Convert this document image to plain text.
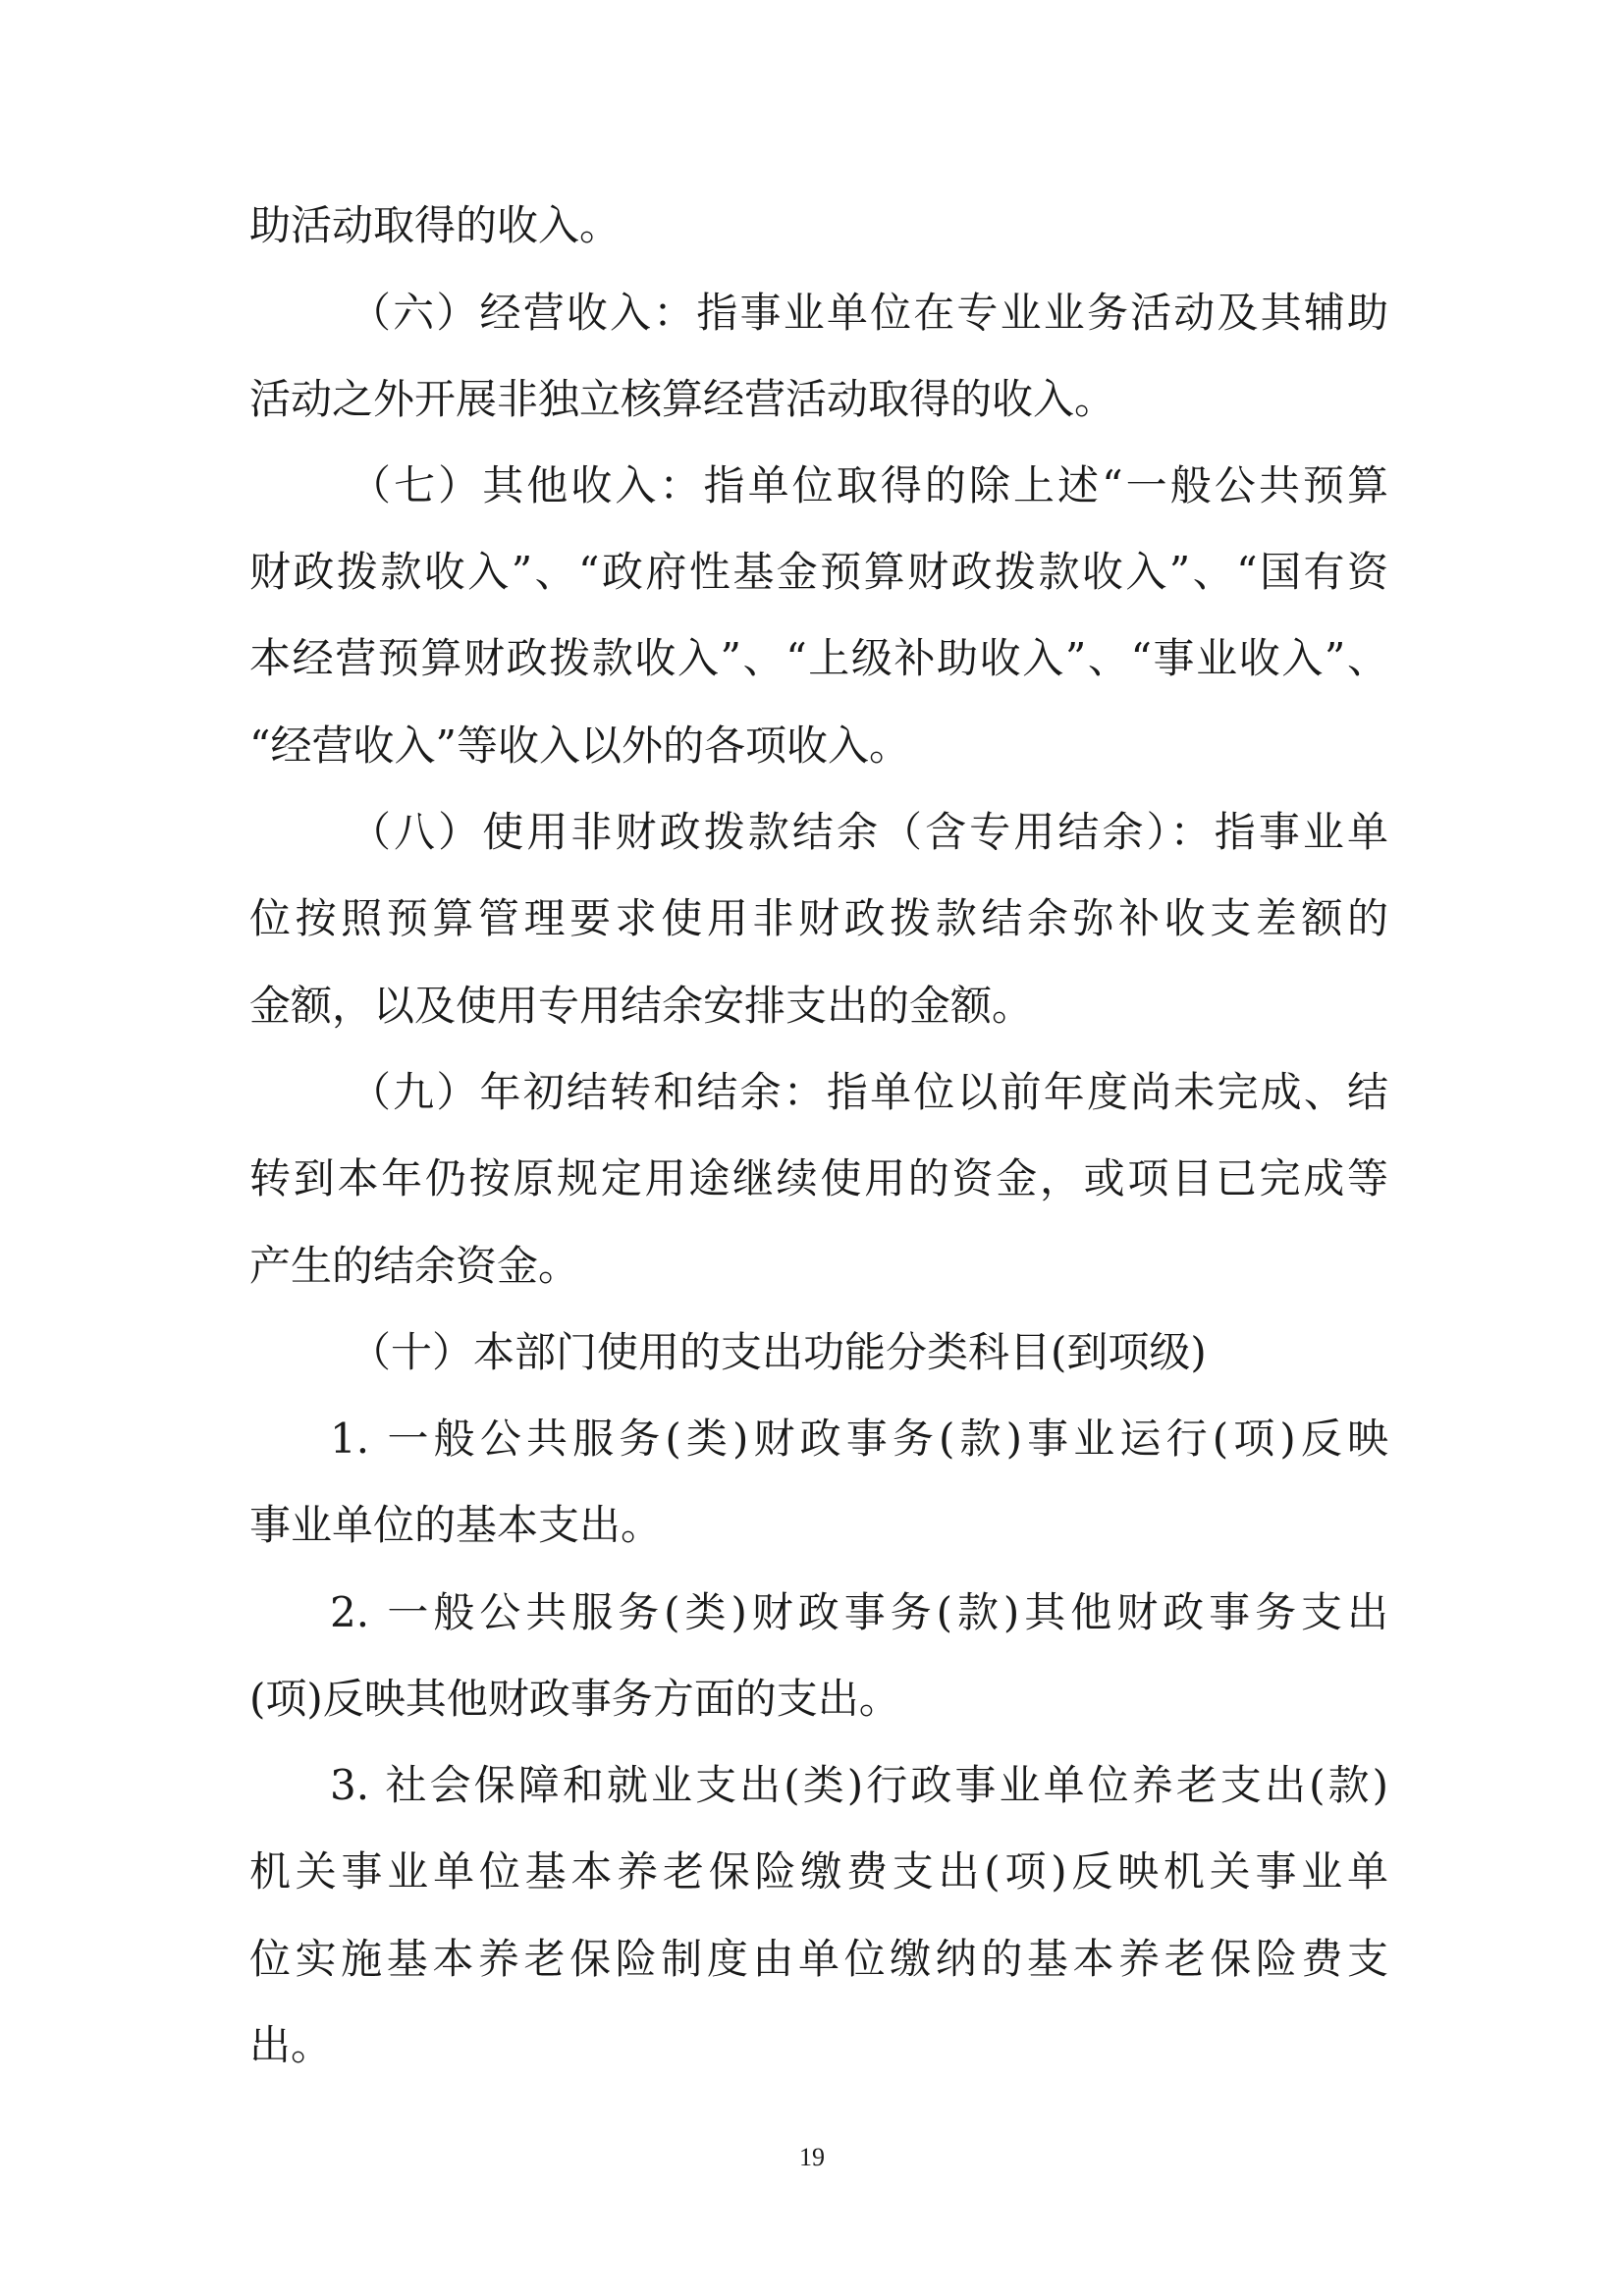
助活动取得的收入。
（六）经营收入：指事业单位在专业业务活动及其辅助
活动之外开展非独立核算经营活动取得的收入。
（七）其他收入：指单位取得的除上述“一般公共预算
财政拨款收入”、“政府性基金预算财政拨款收入”、“国有资
本经营预算财政拨款收入”、“上级补助收入”、“事业收入”、
“经营收入”等收入以外的各项收入。
（八）使用非财政拨款结余（含专用结余）：指事业单
位按照预算管理要求使用非财政拨款结余弥补收支差额的
金额，以及使用专用结余安排支出的金额。
（九）年初结转和结余：指单位以前年度尚未完成、结
转到本年仍按原规定用途继续使用的资金，或项目已完成等
产生的结余资金。
（十）本部门使用的支出功能分类科目(到项级)
1. 一般公共服务(类)财政事务(款)事业运行(项)反映
事业单位的基本支出。
2. 一般公共服务(类)财政事务(款)其他财政事务支出
(项)反映其他财政事务方面的支出。
3. 社会保障和就业支出(类)行政事业单位养老支出(款)
机关事业单位基本养老保险缴费支出(项)反映机关事业单
位实施基本养老保险制度由单位缴纳的基本养老保险费支
出。
19
